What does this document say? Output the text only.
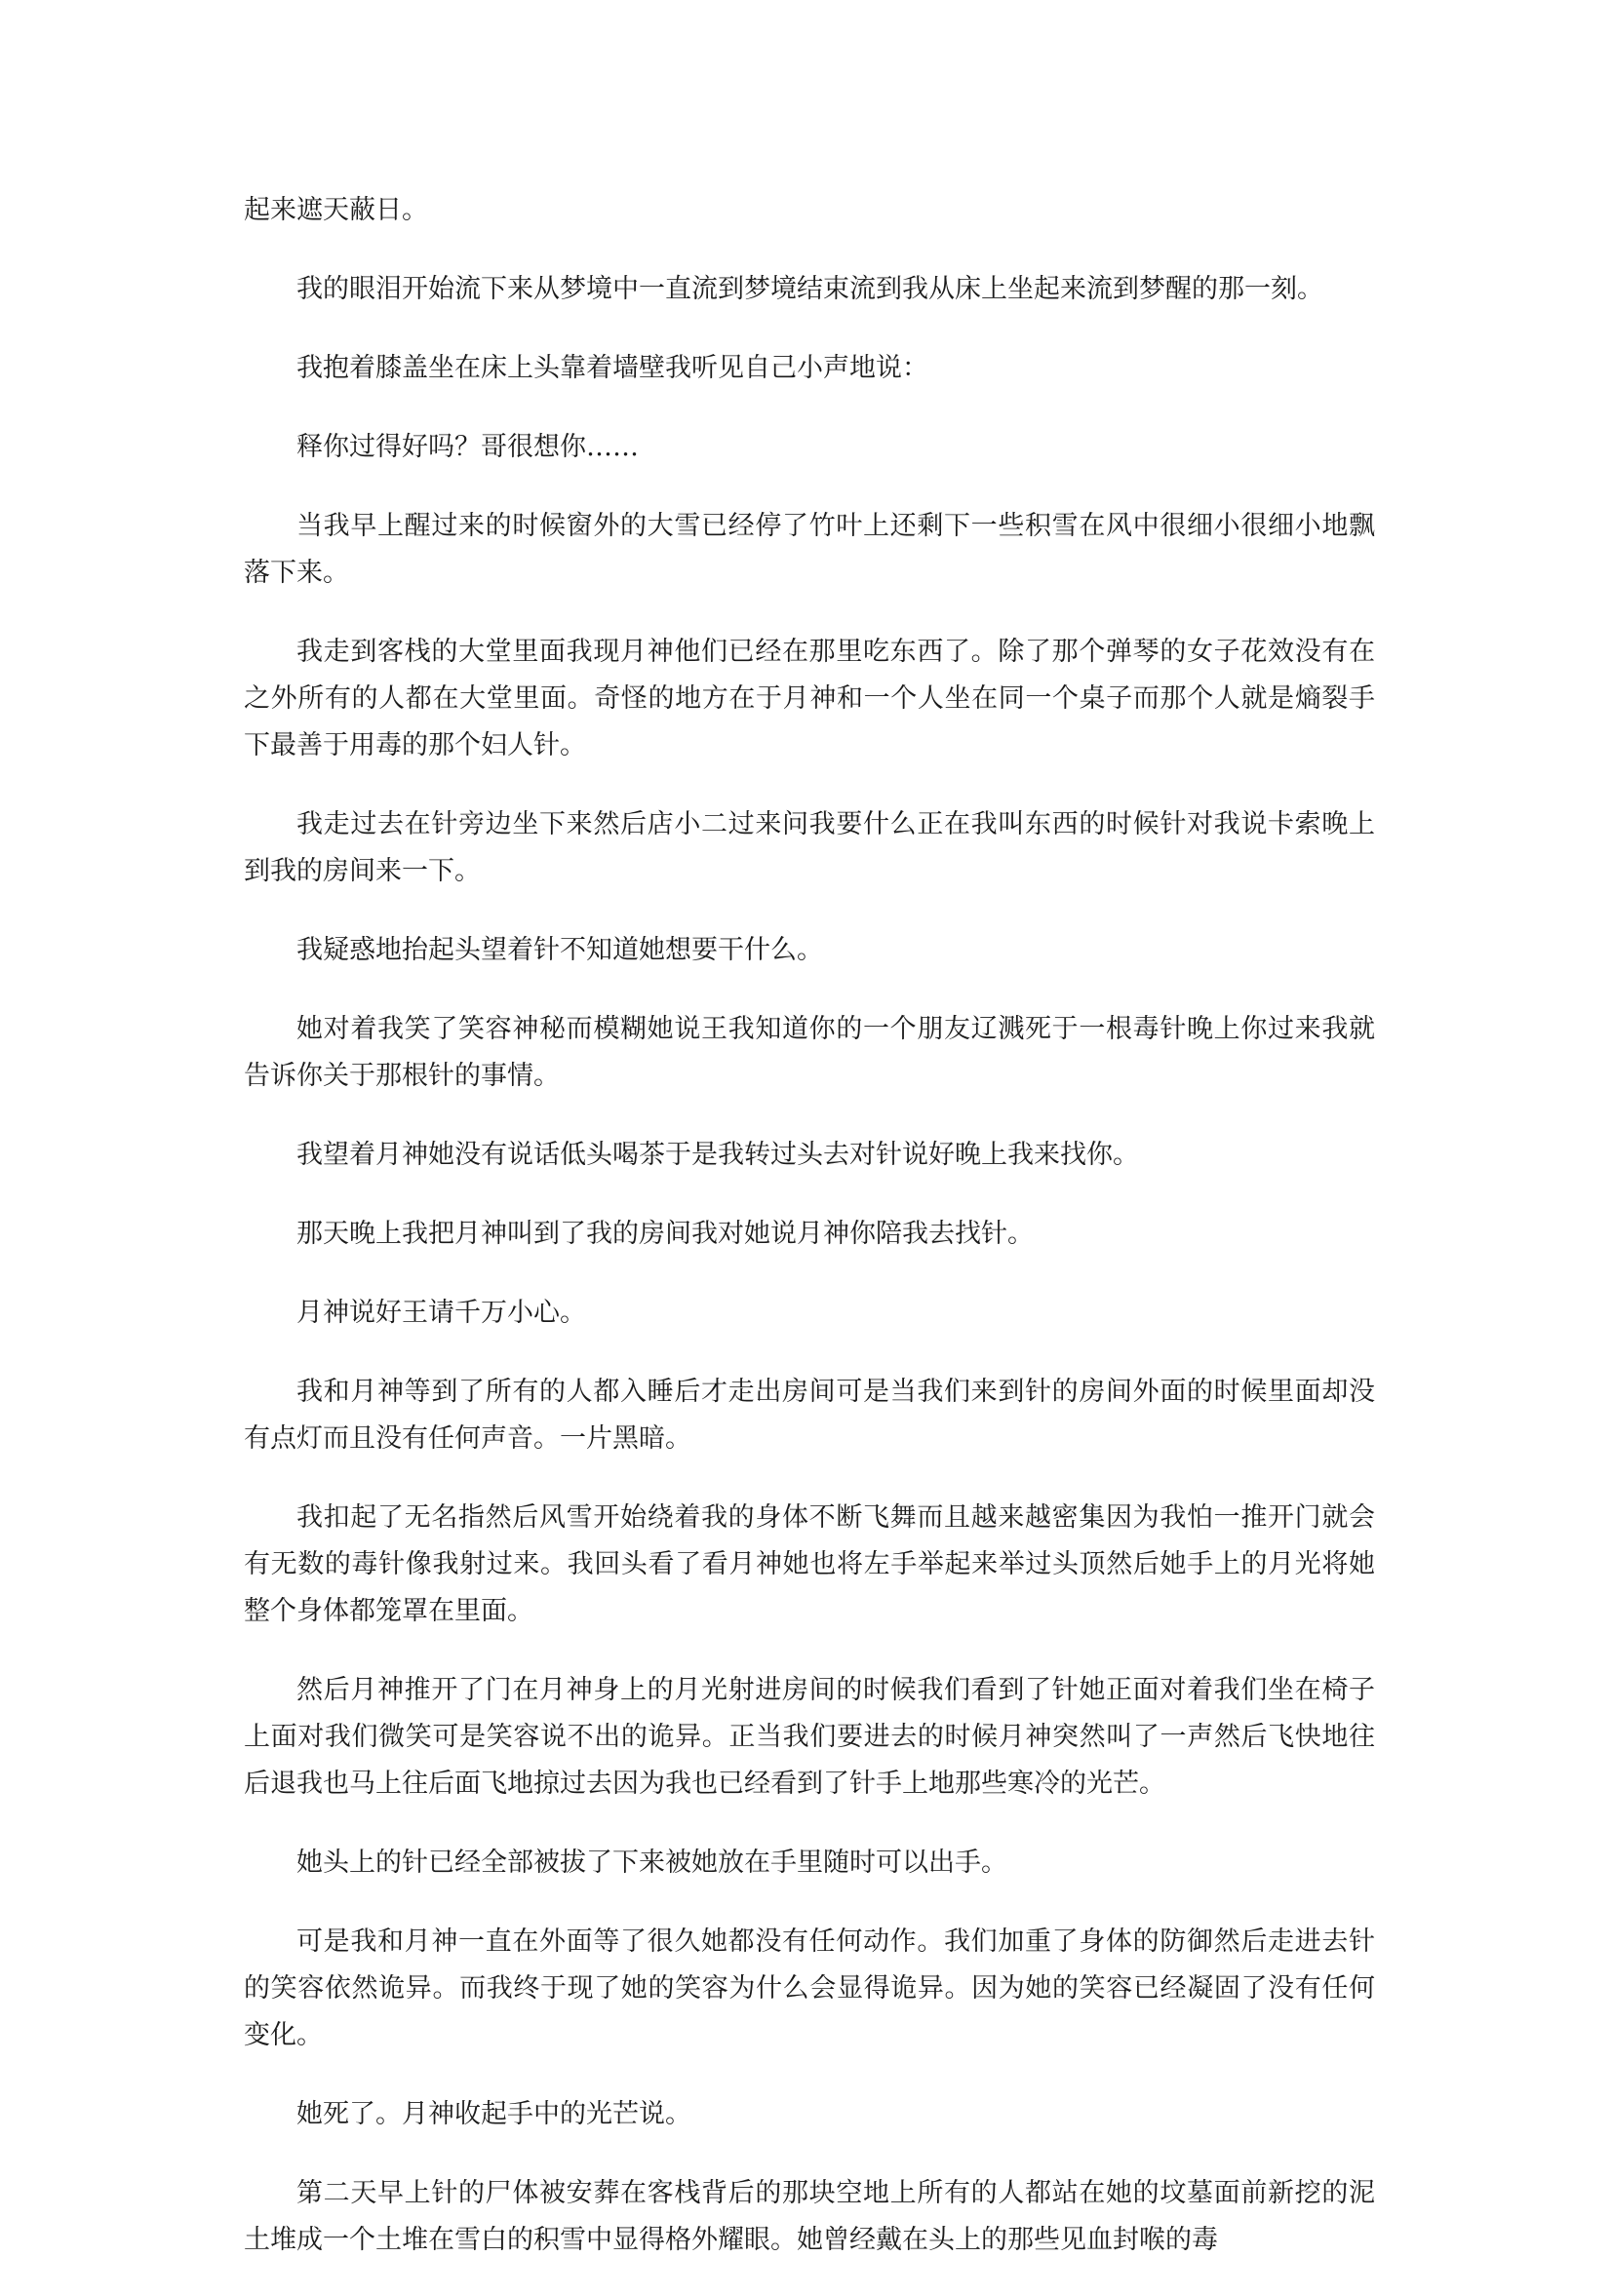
起来遮天蔽日。

我的眼泪开始流下来从梦境中一直流到梦境结束流到我从床上坐起来流到梦醒的那一刻。

我抱着膝盖坐在床上头靠着墙壁我听见自己小声地说：

释你过得好吗？哥很想你……

当我早上醒过来的时候窗外的大雪已经停了竹叶上还剩下一些积雪在风中很细小很细小地飘落下来。

我走到客栈的大堂里面我现月神他们已经在那里吃东西了。除了那个弹琴的女子花效没有在之外所有的人都在大堂里面。奇怪的地方在于月神和一个人坐在同一个桌子而那个人就是熵裂手下最善于用毒的那个妇人针。

我走过去在针旁边坐下来然后店小二过来问我要什么正在我叫东西的时候针对我说卡索晚上到我的房间来一下。

我疑惑地抬起头望着针不知道她想要干什么。

她对着我笑了笑容神秘而模糊她说王我知道你的一个朋友辽溅死于一根毒针晚上你过来我就告诉你关于那根针的事情。

我望着月神她没有说话低头喝茶于是我转过头去对针说好晚上我来找你。

那天晚上我把月神叫到了我的房间我对她说月神你陪我去找针。

月神说好王请千万小心。

我和月神等到了所有的人都入睡后才走出房间可是当我们来到针的房间外面的时候里面却没有点灯而且没有任何声音。一片黑暗。

我扣起了无名指然后风雪开始绕着我的身体不断飞舞而且越来越密集因为我怕一推开门就会有无数的毒针像我射过来。我回头看了看月神她也将左手举起来举过头顶然后她手上的月光将她整个身体都笼罩在里面。

然后月神推开了门在月神身上的月光射进房间的时候我们看到了针她正面对着我们坐在椅子上面对我们微笑可是笑容说不出的诡异。正当我们要进去的时候月神突然叫了一声然后飞快地往后退我也马上往后面飞地掠过去因为我也已经看到了针手上地那些寒冷的光芒。

她头上的针已经全部被拔了下来被她放在手里随时可以出手。

可是我和月神一直在外面等了很久她都没有任何动作。我们加重了身体的防御然后走进去针的笑容依然诡异。而我终于现了她的笑容为什么会显得诡异。因为她的笑容已经凝固了没有任何变化。

她死了。月神收起手中的光芒说。

第二天早上针的尸体被安葬在客栈背后的那块空地上所有的人都站在她的坟墓面前新挖的泥土堆成一个土堆在雪白的积雪中显得格外耀眼。她曾经戴在头上的那些见血封喉的毒
